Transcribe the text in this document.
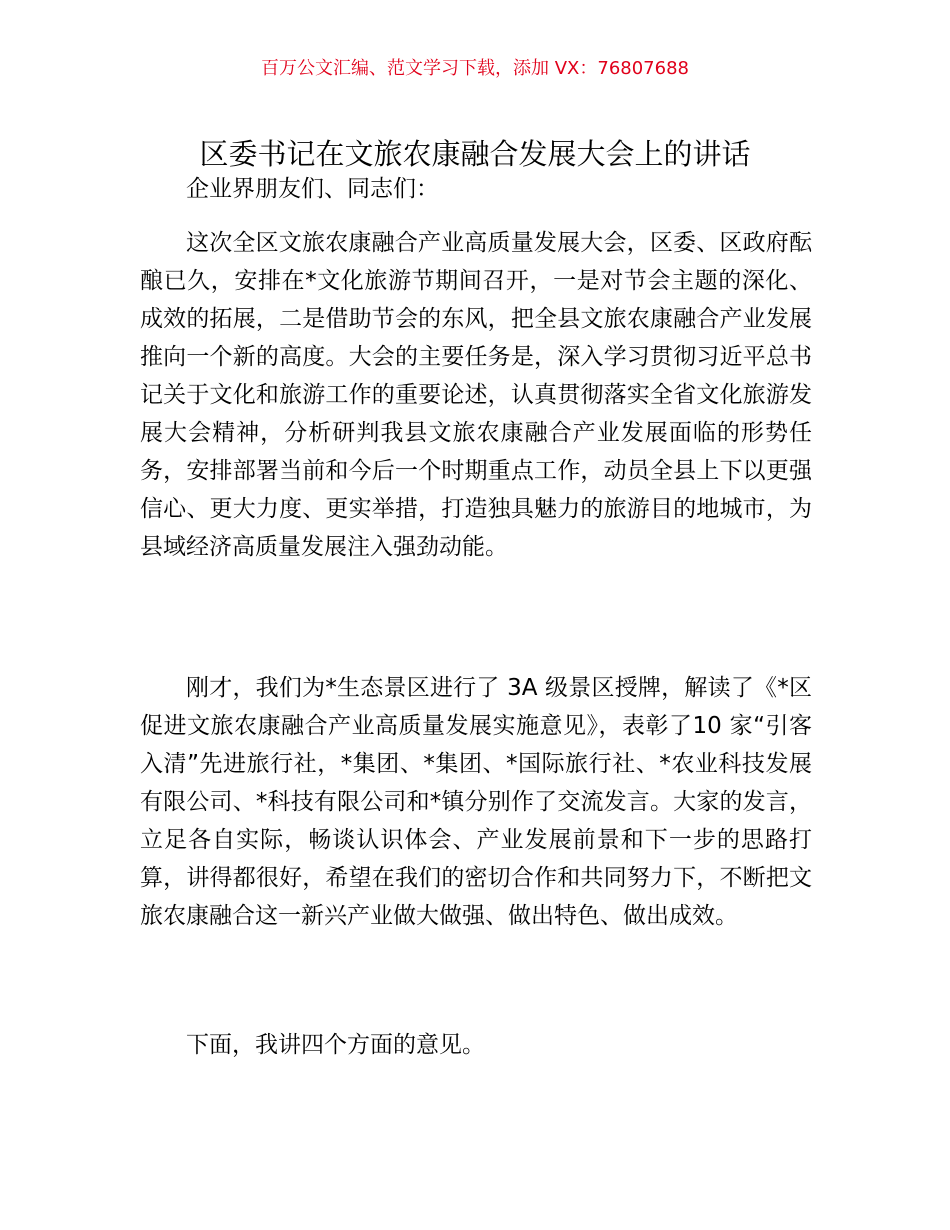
百万公文汇编、范文学习下载，添加 VX：76807688
区委书记在文旅农康融合发展大会上的讲话

企业界朋友们、同志们：

这次全区文旅农康融合产业高质量发展大会，区委、区政府酝酿已久，安排在*文化旅游节期间召开，一是对节会主题的深化、成效的拓展，二是借助节会的东风，把全县文旅农康融合产业发展推向一个新的高度。大会的主要任务是，深入学习贯彻习近平总书记关于文化和旅游工作的重要论述，认真贯彻落实全省文化旅游发展大会精神，分析研判我县文旅农康融合产业发展面临的形势任务，安排部署当前和今后一个时期重点工作，动员全县上下以更强信心、更大力度、更实举措，打造独具魅力的旅游目的地城市，为县域经济高质量发展注入强劲动能。

刚才，我们为*生态景区进行了 3A 级景区授牌，解读了《*区促进文旅农康融合产业高质量发展实施意见》，表彰了10 家“引客入清”先进旅行社，*集团、*集团、*国际旅行社、*农业科技发展有限公司、*科技有限公司和*镇分别作了交流发言。大家的发言，立足各自实际，畅谈认识体会、产业发展前景和下一步的思路打算，讲得都很好，希望在我们的密切合作和共同努力下，不断把文旅农康融合这一新兴产业做大做强、做出特色、做出成效。

下面，我讲四个方面的意见。
